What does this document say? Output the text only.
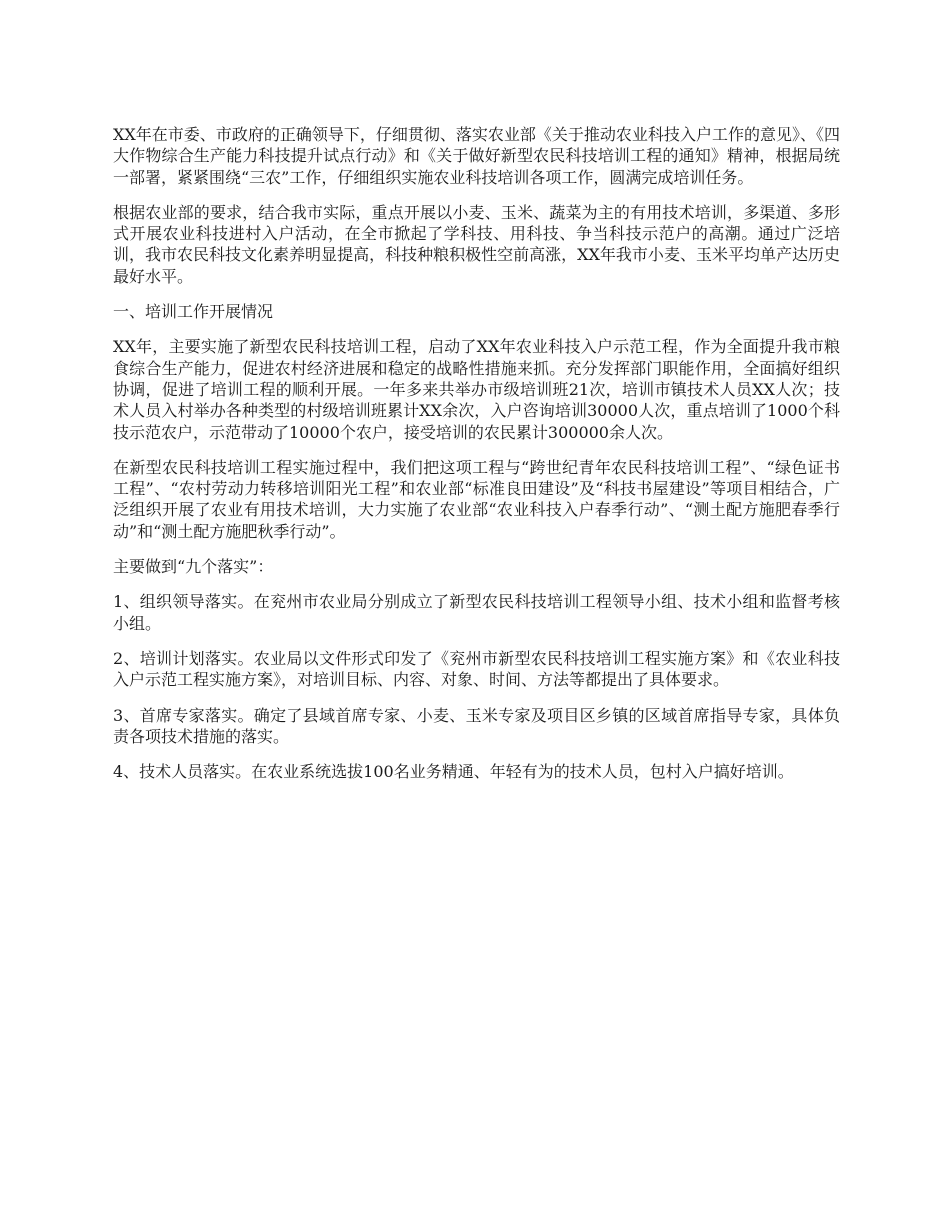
XX年在市委、市政府的正确领导下，仔细贯彻、落实农业部《关于推动农业科技入户工作的意见》、《四大作物综合生产能力科技提升试点行动》和《关于做好新型农民科技培训工程的通知》精神，根据局统一部署，紧紧围绕“三农”工作，仔细组织实施农业科技培训各项工作，圆满完成培训任务。

根据农业部的要求，结合我市实际，重点开展以小麦、玉米、蔬菜为主的有用技术培训，多渠道、多形式开展农业科技进村入户活动，在全市掀起了学科技、用科技、争当科技示范户的高潮。通过广泛培训，我市农民科技文化素养明显提高，科技种粮积极性空前高涨，XX年我市小麦、玉米平均单产达历史最好水平。

一、培训工作开展情况

XX年，主要实施了新型农民科技培训工程，启动了XX年农业科技入户示范工程，作为全面提升我市粮食综合生产能力，促进农村经济进展和稳定的战略性措施来抓。充分发挥部门职能作用，全面搞好组织协调，促进了培训工程的顺利开展。一年多来共举办市级培训班21次，培训市镇技术人员XX人次；技术人员入村举办各种类型的村级培训班累计XX余次，入户咨询培训30000人次，重点培训了1000个科技示范农户，示范带动了10000个农户，接受培训的农民累计300000余人次。

在新型农民科技培训工程实施过程中，我们把这项工程与“跨世纪青年农民科技培训工程”、“绿色证书工程”、“农村劳动力转移培训阳光工程”和农业部“标准良田建设”及“科技书屋建设”等项目相结合，广泛组织开展了农业有用技术培训，大力实施了农业部“农业科技入户春季行动”、“测土配方施肥春季行动”和“测土配方施肥秋季行动”。

主要做到“九个落实”：

1、组织领导落实。在兖州市农业局分别成立了新型农民科技培训工程领导小组、技术小组和监督考核小组。

2、培训计划落实。农业局以文件形式印发了《兖州市新型农民科技培训工程实施方案》和《农业科技入户示范工程实施方案》，对培训目标、内容、对象、时间、方法等都提出了具体要求。

3、首席专家落实。确定了县域首席专家、小麦、玉米专家及项目区乡镇的区域首席指导专家，具体负责各项技术措施的落实。

4、技术人员落实。在农业系统选拔100名业务精通、年轻有为的技术人员，包村入户搞好培训。
